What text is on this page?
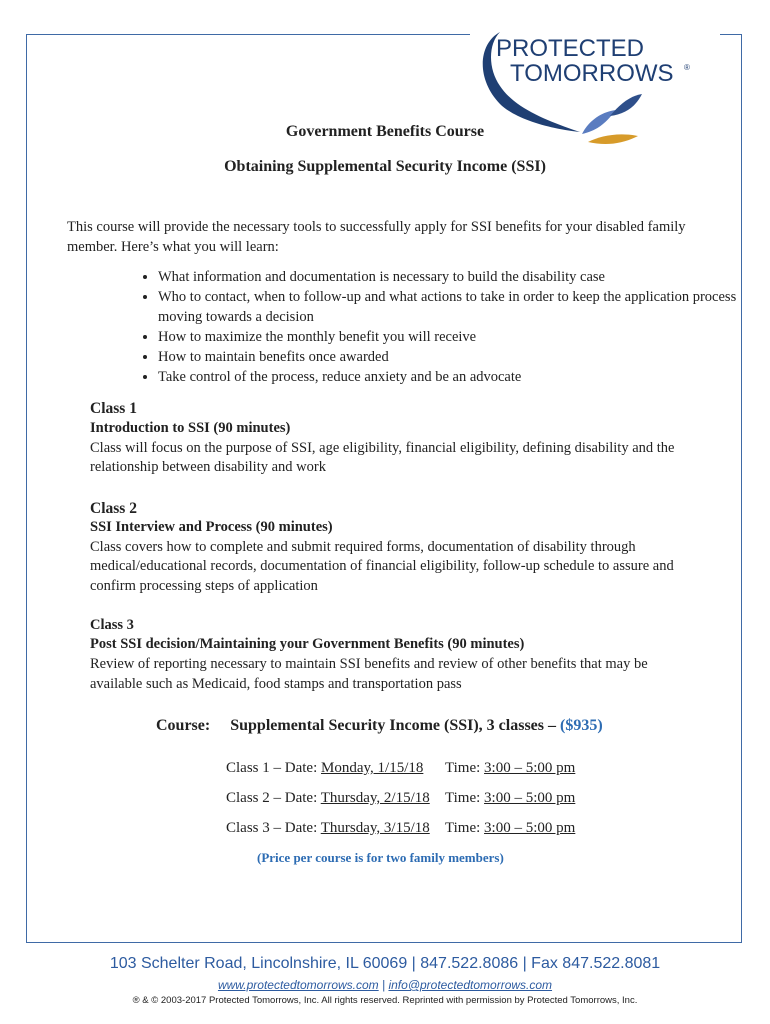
PROTECTED
TOMORROWS ®
Government Benefits Course
Obtaining Supplemental Security Income (SSI)
This course will provide the necessary tools to successfully apply for SSI benefits for your disabled family
member. Here’s what you will learn:
• What information and documentation is necessary to build the disability case
• Who to contact, when to follow-up and what actions to take in order to keep the application process moving towards a decision
• How to maximize the monthly benefit you will receive
• How to maintain benefits once awarded
• Take control of the process, reduce anxiety and be an advocate
Class 1
Introduction to SSI (90 minutes)
Class will focus on the purpose of SSI, age eligibility, financial eligibility, defining disability and the
relationship between disability and work
Class 2
SSI Interview and Process (90 minutes)
Class covers how to complete and submit required forms, documentation of disability through
medical/educational records, documentation of financial eligibility, follow-up schedule to assure and
confirm processing steps of application
Class 3
Post SSI decision/Maintaining your Government Benefits (90 minutes)
Review of reporting necessary to maintain SSI benefits and review of other benefits that may be
available such as Medicaid, food stamps and transportation pass
Course: Supplemental Security Income (SSI), 3 classes – ($935)
Class 1 – Date: Monday, 1/15/18 Time: 3:00 – 5:00 pm
Class 2 – Date: Thursday, 2/15/18 Time: 3:00 – 5:00 pm
Class 3 – Date: Thursday, 3/15/18 Time: 3:00 – 5:00 pm
(Price per course is for two family members)
103 Schelter Road, Lincolnshire, IL 60069 | 847.522.8086 | Fax 847.522.8081
www.protectedtomorrows.com | info@protectedtomorrows.com
® & © 2003-2017 Protected Tomorrows, Inc. All rights reserved. Reprinted with permission by Protected Tomorrows, Inc.
